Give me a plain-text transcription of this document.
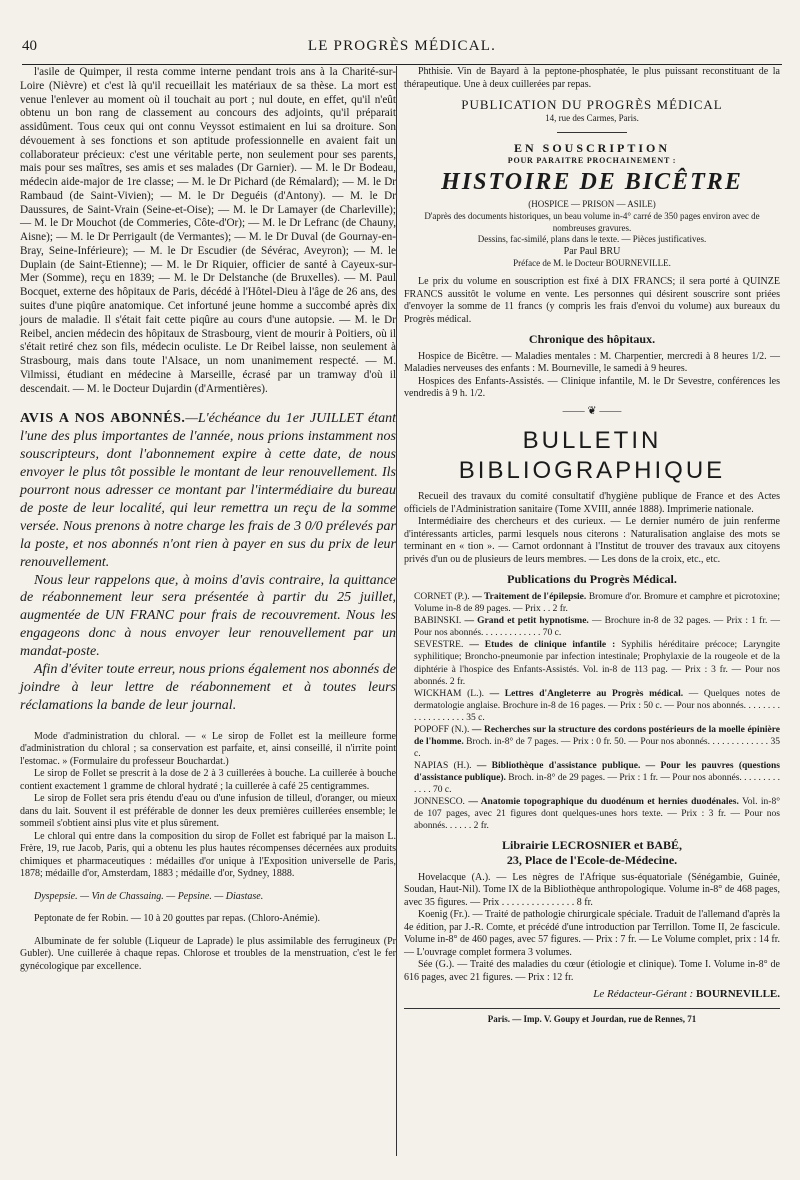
40	LE PROGRÈS MÉDICAL.

l'asile de Quimper, il resta comme interne pendant trois ans à la Charité-sur-Loire (Nièvre) et c'est là qu'il recueillait les matériaux de sa thèse. La mort est venue l'enlever au moment où il touchait au port ; nul doute, en effet, qu'il n'eût obtenu un bon rang de classement au concours des adjoints, qu'il préparait assidûment. Tous ceux qui ont connu Veyssot estimaient en lui sa droiture. Son dévouement à ses fonctions et son aptitude professionnelle en avaient fait un collaborateur précieux: c'est une véritable perte, non seulement pour ses parents, mais pour ses maîtres, ses amis et ses malades (Dr Garnier). — M. le Dr Bodeau, médecin aide-major de 1re classe; — M. le Dr Pichard (de Rémalard); — M. le Dr Rambaud (de Saint-Vivien); — M. le Dr Deguéis (d'Antony). — M. le Dr Daussures, de Saint-Vrain (Seine-et-Oise); — M. le Dr Lamayer (de Charleville); — M. le Dr Mouchot (de Commeries, Côte-d'Or); — M. le Dr Lefranc (de Chauny, Aisne); — M. le Dr Perrigault (de Vermantes); — M. le Dr Duval (de Gournay-en-Bray, Seine-Inférieure); — M. le Dr Escudier (de Sévérac, Aveyron); — M. le Duplain (de Saint-Etienne); — M. le Dr Riquier, officier de santé à Cayeux-sur-Mer (Somme), reçu en 1839; — M. le Dr Delstanche (de Bruxelles). — M. Paul Bocquet, externe des hôpitaux de Paris, décédé à l'Hôtel-Dieu à l'âge de 26 ans, des suites d'une piqûre anatomique. Cet infortuné jeune homme a succombé après dix jours de maladie. Il s'était fait cette piqûre au cours d'une autopsie. — M. le Dr Reibel, ancien médecin des hôpitaux de Strasbourg, vient de mourir à Poitiers, où il s'était retiré chez son fils, médecin oculiste. Le Dr Reibel laisse, non seulement à Strasbourg, mais dans toute l'Alsace, un nom unanimement respecté. — M. Vilmissi, étudiant en médecine à Marseille, écrasé par un tramway d'où il descendait. — M. le Docteur Dujardin (d'Armentières).

AVIS A NOS ABONNÉS.—L'échéance du 1er JUILLET étant l'une des plus importantes de l'année, nous prions instamment nos souscripteurs, dont l'abonnement expire à cette date, de nous envoyer le plus tôt possible le montant de leur renouvellement. Ils pourront nous adresser ce montant par l'intermédiaire du bureau de poste de leur localité, qui leur remettra un reçu de la somme versée. Nous prenons à notre charge les frais de 3 0/0 prélevés par la poste, et nos abonnés n'ont rien à payer en sus du prix de leur renouvellement.

Nous leur rappelons que, à moins d'avis contraire, la quittance de réabonnement leur sera présentée à partir du 25 juillet, augmentée de UN FRANC pour frais de recouvrement. Nous les engageons donc à nous envoyer leur renouvellement par un mandat-poste.

Afin d'éviter toute erreur, nous prions également nos abonnés de joindre à leur lettre de réabonnement et à toutes leurs réclamations la bande de leur journal.

Mode d'administration du chloral. — « Le sirop de Follet est la meilleure forme d'administration du chloral ; sa conservation est parfaite, et, ainsi conseillé, il n'irrite point l'estomac. » (Formulaire du professeur Bouchardat.)

Le sirop de Follet se prescrit à la dose de 2 à 3 cuillerées à bouche. La cuillerée à bouche contient exactement 1 gramme de chloral hydraté ; la cuillerée à café 25 centigrammes.

Le sirop de Follet sera pris étendu d'eau ou d'une infusion de tilleul, d'oranger, ou mieux dans du lait. Souvent il est préférable de donner les deux premières cuillerées ensemble; le sommeil s'obtient ainsi plus vite et plus sûrement.

Le chloral qui entre dans la composition du sirop de Follet est fabriqué par la maison L. Frère, 19, rue Jacob, Paris, qui a obtenu les plus hautes récompenses décernées aux produits chimiques et pharmaceutiques : médailles d'or unique à l'Exposition universelle de Paris, 1878; médaille d'or, Amsterdam, 1883 ; médaille d'or, Sydney, 1888.

Dyspepsie. — Vin de Chassaing. — Pepsine. — Diastase.

Peptonate de fer Robin. — 10 à 20 gouttes par repas. (Chloro-Anémie).

Albuminate de fer soluble (Liqueur de Laprade) le plus assimilable des ferrugineux (Pr Gubler). Une cuillerée à chaque repas. Chlorose et troubles de la menstruation, c'est le fer gynécologique par excellence.

Phthisie. Vin de Bayard à la peptone-phosphatée, le plus puissant reconstituant de la thérapeutique. Une à deux cuillerées par repas.

PUBLICATION DU PROGRÈS MÉDICAL
14, rue des Carmes, Paris.
EN SOUSCRIPTION
POUR PARAITRE PROCHAINEMENT :
HISTOIRE DE BICÊTRE
(HOSPICE — PRISON — ASILE)
D'après des documents historiques, un beau volume in-4° carré de 350 pages environ avec de nombreuses gravures.
Dessins, fac-similé, plans dans le texte. — Pièces justificatives.
Par Paul BRU
Préface de M. le Docteur BOURNEVILLE.

Le prix du volume en souscription est fixé à DIX FRANCS; il sera porté à QUINZE FRANCS aussitôt le volume en vente. Les personnes qui désirent souscrire sont priées d'envoyer la somme de 11 francs (y compris les frais d'envoi du volume) aux bureaux du Progrès médical.

Chronique des hôpitaux.

Hospice de Bicêtre. — Maladies mentales : M. Charpentier, mercredi à 8 heures 1/2. — Maladies nerveuses des enfants : M. Bourneville, le samedi à 9 heures.

Hospices des Enfants-Assistés. — Clinique infantile, M. le Dr Sevestre, conférences les vendredis à 9 h. 1/2.

—— ❦ ——
BULLETIN BIBLIOGRAPHIQUE

Recueil des travaux du comité consultatif d'hygiène publique de France et des Actes officiels de l'Administration sanitaire (Tome XVIII, année 1888). Imprimerie nationale.

Intermédiaire des chercheurs et des curieux. — Le dernier numéro de juin renferme d'intéressants articles, parmi lesquels nous citerons : Naturalisation anglaise des mots se terminant en « tion ». — Carnot ordonnant à l'Institut de trouver des travaux aux citoyens privés d'un ou de plusieurs de leurs membres. — Les dons de la croix, etc., etc.

Publications du Progrès Médical.
CORNET (P.). — Traitement de l'épilepsie. Bromure d'or. Bromure et camphre et picrotoxine; Volume in-8 de 89 pages. — Prix . . 2 fr.
BABINSKI. — Grand et petit hypnotisme. — Brochure in-8 de 32 pages. — Prix : 1 fr. — Pour nos abonnés. . . . . . . . . . . . . 70 c.
SEVESTRE. — Etudes de clinique infantile : Syphilis héréditaire précoce; Laryngite syphilitique; Broncho-pneumonie par infection intestinale; Prophylaxie de la rougeole et de la diphtérie à l'hospice des Enfants-Assistés. Vol. in-8 de 113 pag. — Prix : 3 fr. — Pour nos abonnés. 2 fr.
WICKHAM (L.). — Lettres d'Angleterre au Progrès médical. — Quelques notes de dermatologie anglaise. Brochure in-8 de 16 pages. — Prix : 50 c. — Pour nos abonnés. . . . . . . . . . . . . . . . . . . 35 c.
POPOFF (N.). — Recherches sur la structure des cordons postérieurs de la moelle épinière de l'homme. Broch. in-8° de 7 pages. — Prix : 0 fr. 50. — Pour nos abonnés. . . . . . . . . . . . . 35 c.
NAPIAS (H.). — Bibliothèque d'assistance publique. — Pour les pauvres (questions d'assistance publique). Broch. in-8° de 29 pages. — Prix : 1 fr. — Pour nos abonnés. . . . . . . . . . . . . 70 c.
JONNESCO. — Anatomie topographique du duodénum et hernies duodénales. Vol. in-8° de 107 pages, avec 21 figures dont quelques-unes hors texte. — Prix : 3 fr. — Pour nos abonnés. . . . . . 2 fr.
Librairie LECROSNIER et BABÉ,
23, Place de l'Ecole-de-Médecine.

Hovelacque (A.). — Les nègres de l'Afrique sus-équatoriale (Sénégambie, Guinée, Soudan, Haut-Nil). Tome IX de la Bibliothèque anthropologique. Volume in-8° de 468 pages, avec 35 figures. — Prix . . . . . . . . . . . . . . . 8 fr.

Koenig (Fr.). — Traité de pathologie chirurgicale spéciale. Traduit de l'allemand d'après la 4e édition, par J.-R. Comte, et précédé d'une introduction par Terrillon. Tome II, 2e fascicule. Volume in-8° de 460 pages, avec 57 figures. — Prix : 7 fr. — Le Volume complet, prix : 14 fr. — L'ouvrage complet formera 3 volumes.

Sée (G.). — Traité des maladies du cœur (étiologie et clinique). Tome I. Volume in-8° de 616 pages, avec 21 figures. — Prix : 12 fr.

Le Rédacteur-Gérant : BOURNEVILLE.
Paris. — Imp. V. Goupy et Jourdan, rue de Rennes, 71
